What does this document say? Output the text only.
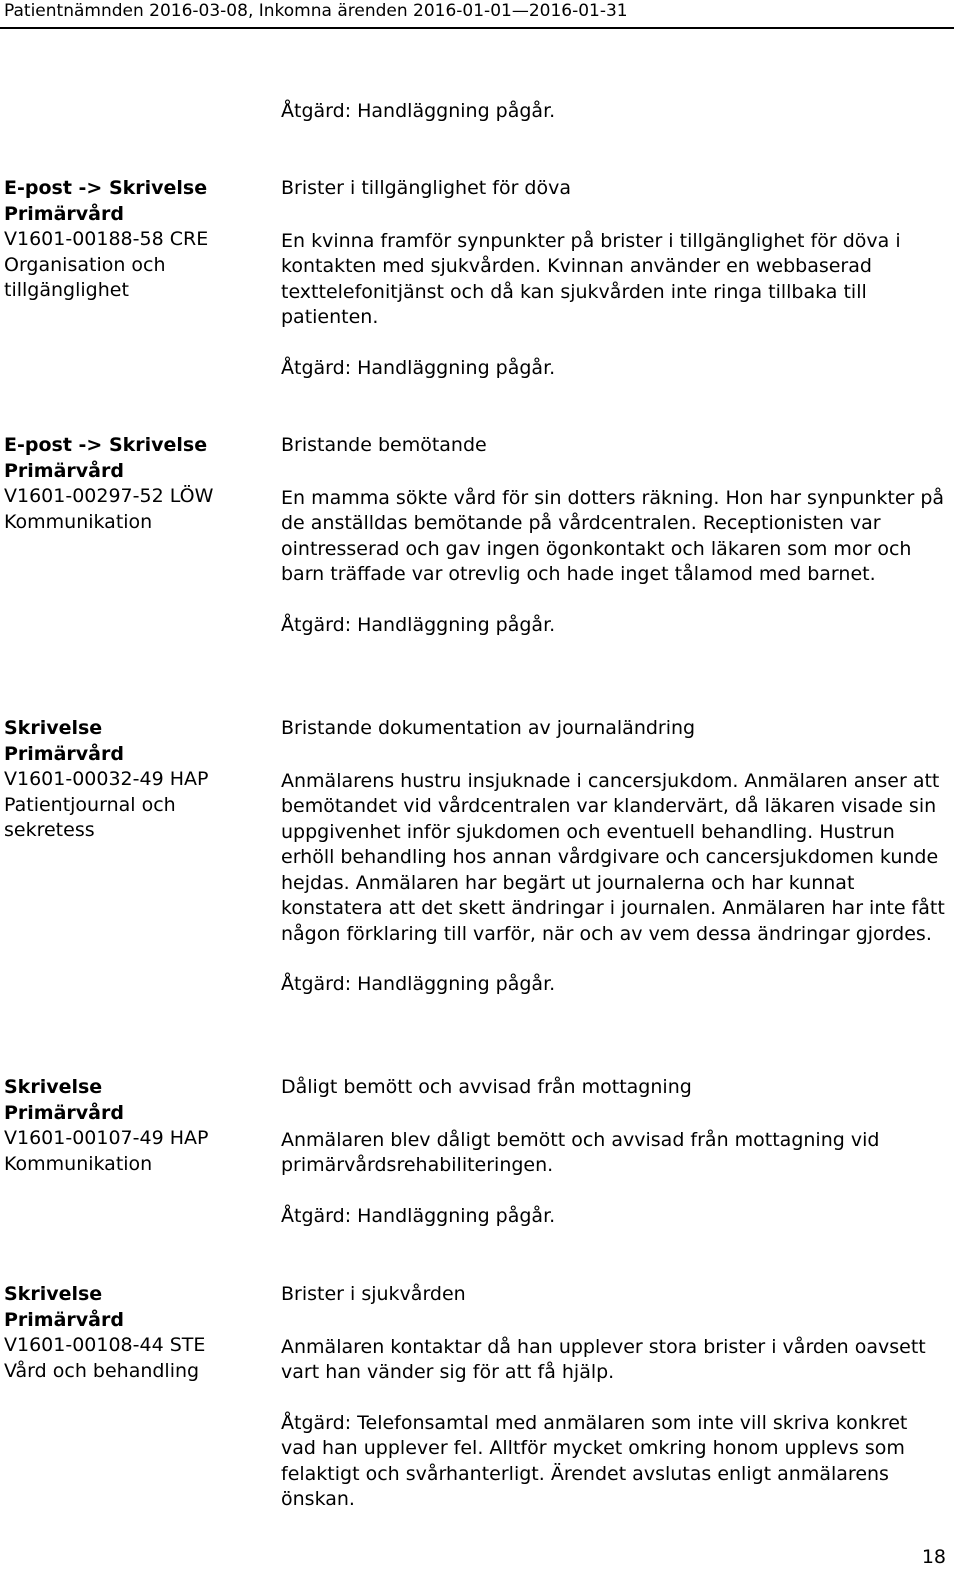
Patientnämnden 2016-03-08, Inkomna ärenden 2016-01-01—2016-01-31

Åtgärd: Handläggning pågår.

E-post -> Skrivelse

Primärvård

V1601-00188-58 CRE

Organisation och tillgänglighet

Brister i tillgänglighet för döva

En kvinna framför synpunkter på brister i tillgänglighet för döva i kontakten med sjukvården. Kvinnan använder en webbaserad texttelefonitjänst och då kan sjukvården inte ringa tillbaka till patienten.

Åtgärd: Handläggning pågår.

E-post -> Skrivelse

Primärvård

V1601-00297-52 LÖW

Kommunikation

Bristande bemötande

En mamma sökte vård för sin dotters räkning. Hon har synpunkter på de anställdas bemötande på vårdcentralen. Receptionisten var ointresserad och gav ingen ögonkontakt och läkaren som mor och barn träffade var otrevlig och hade inget tålamod med barnet.

Åtgärd: Handläggning pågår.

Skrivelse

Primärvård

V1601-00032-49 HAP

Patientjournal och sekretess

Bristande dokumentation av journaländring

Anmälarens hustru insjuknade i cancersjukdom. Anmälaren anser att bemötandet vid vårdcentralen var klandervärt, då läkaren visade sin uppgivenhet inför sjukdomen och eventuell behandling. Hustrun erhöll behandling hos annan vårdgivare och cancersjukdomen kunde hejdas. Anmälaren har begärt ut journalerna och har kunnat konstatera att det skett ändringar i journalen. Anmälaren har inte fått någon förklaring till varför, när och av vem dessa ändringar gjordes.

Åtgärd: Handläggning pågår.

Skrivelse

Primärvård

V1601-00107-49 HAP

Kommunikation

Dåligt bemött och avvisad från mottagning

Anmälaren blev dåligt bemött och avvisad från mottagning vid primärvårdsrehabiliteringen.

Åtgärd: Handläggning pågår.

Skrivelse

Primärvård

V1601-00108-44 STE

Vård och behandling

Brister i sjukvården

Anmälaren kontaktar då han upplever stora brister i vården oavsett vart han vänder sig för att få hjälp.

Åtgärd: Telefonsamtal med anmälaren som inte vill skriva konkret vad han upplever fel. Alltför mycket omkring honom upplevs som felaktigt och svårhanterligt. Ärendet avslutas enligt anmälarens önskan.

18
